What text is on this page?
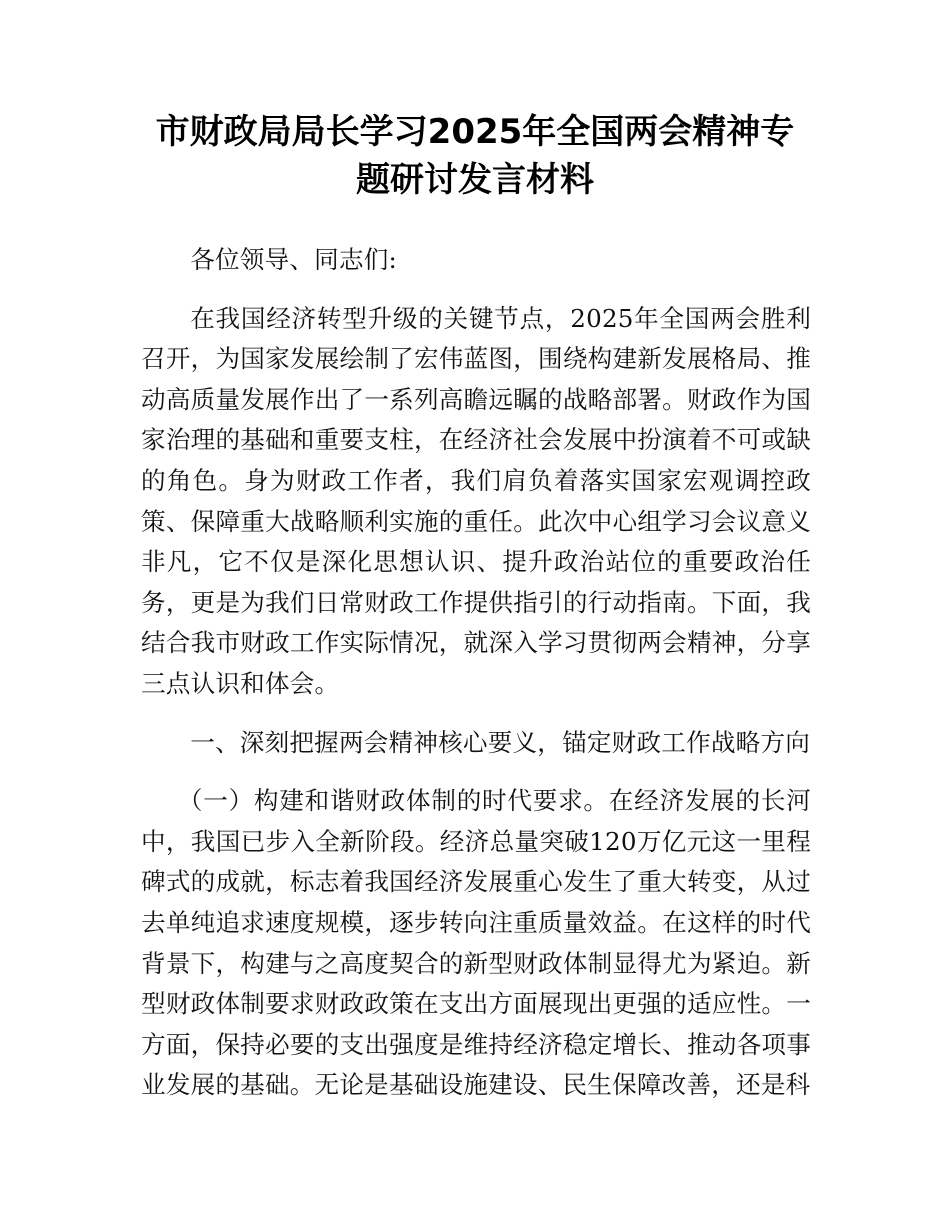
市财政局局长学习2025年全国两会精神专题研讨发言材料

各位领导、同志们:

在我国经济转型升级的关键节点，2025年全国两会胜利召开，为国家发展绘制了宏伟蓝图，围绕构建新发展格局、推动高质量发展作出了一系列高瞻远瞩的战略部署。财政作为国家治理的基础和重要支柱，在经济社会发展中扮演着不可或缺的角色。身为财政工作者，我们肩负着落实国家宏观调控政策、保障重大战略顺利实施的重任。此次中心组学习会议意义非凡，它不仅是深化思想认识、提升政治站位的重要政治任务，更是为我们日常财政工作提供指引的行动指南。下面，我结合我市财政工作实际情况，就深入学习贯彻两会精神，分享三点认识和体会。

一、深刻把握两会精神核心要义，锚定财政工作战略方向

（一）构建和谐财政体制的时代要求。在经济发展的长河中，我国已步入全新阶段。经济总量突破120万亿元这一里程碑式的成就，标志着我国经济发展重心发生了重大转变，从过去单纯追求速度规模，逐步转向注重质量效益。在这样的时代背景下，构建与之高度契合的新型财政体制显得尤为紧迫。新型财政体制要求财政政策在支出方面展现出更强的适应性。一方面，保持必要的支出强度是维持经济稳定增长、推动各项事业发展的基础。无论是基础设施建设、民生保障改善，还是科
